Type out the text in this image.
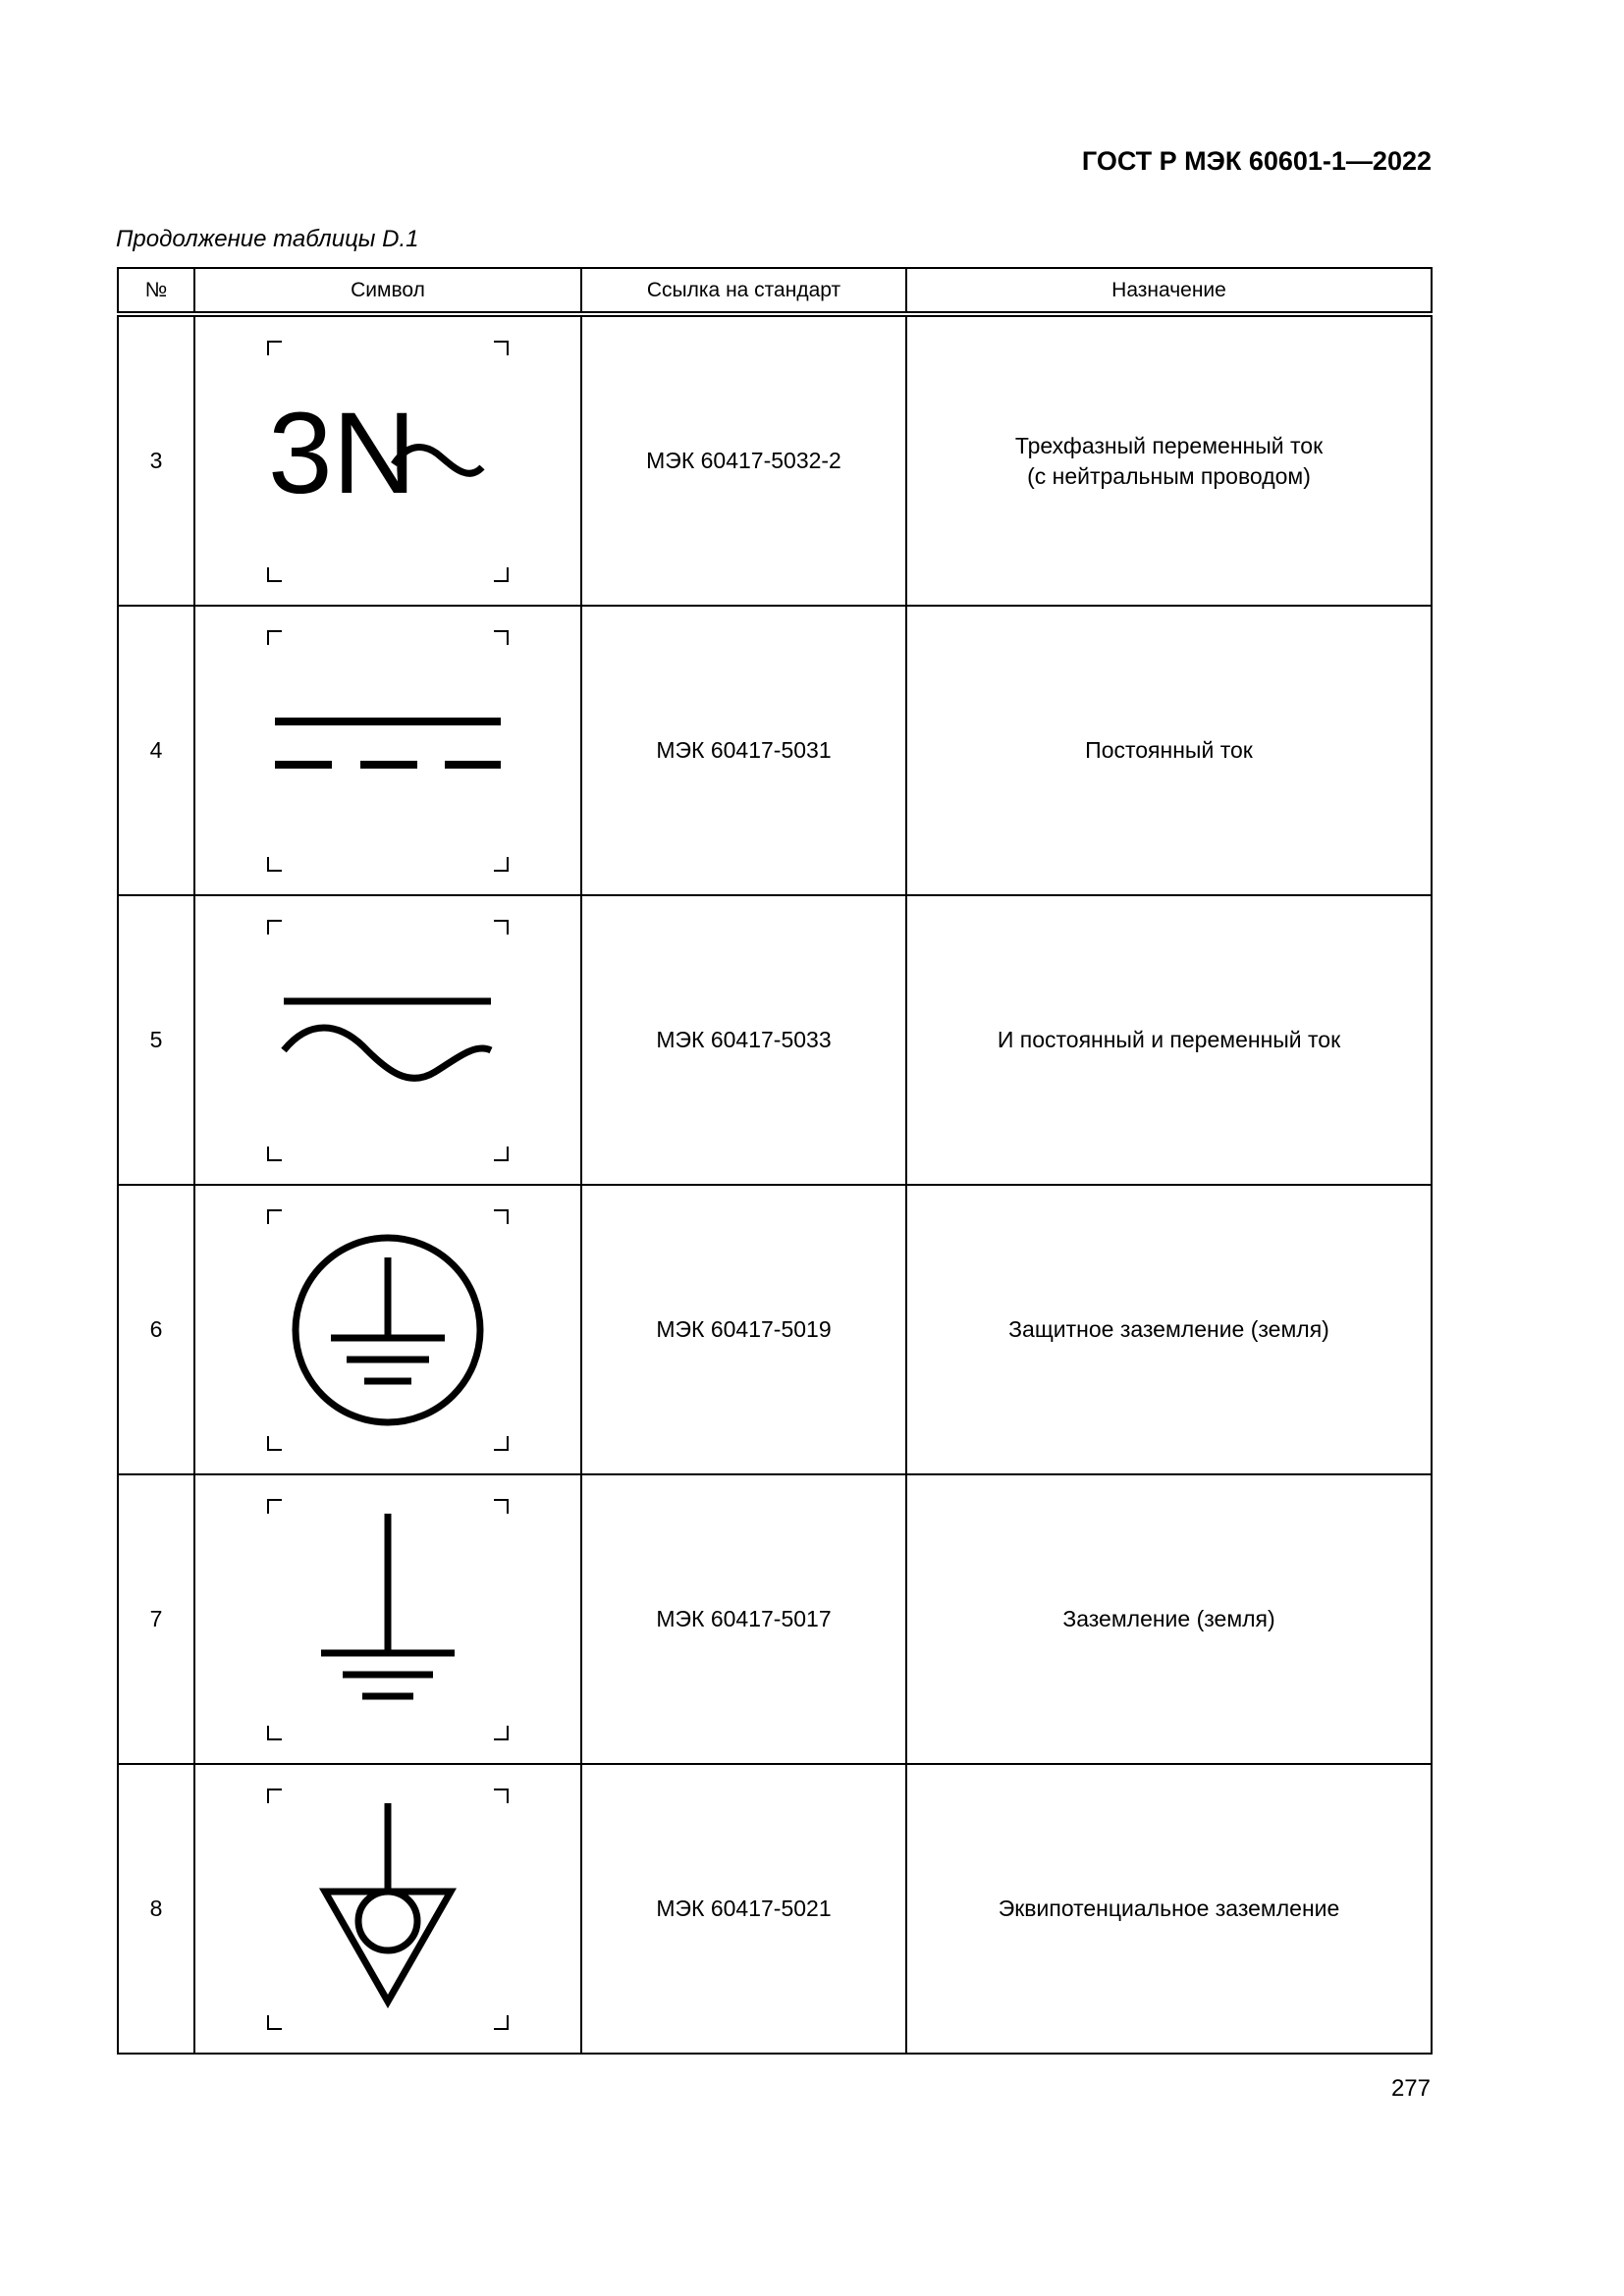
ГОСТ Р МЭК 60601-1—2022
Продолжение таблицы D.1
№	Символ	Ссылка на стандарт	Назначение
3	3N	МЭК 60417-5032-2	Трехфазный переменный ток
(с нейтральным проводом)

4		МЭК 60417-5031	Постоянный ток

5		МЭК 60417-5033	И постоянный и переменный ток

6		МЭК 60417-5019	Защитное заземление (земля)

7		МЭК 60417-5017	Заземление (земля)

8		МЭК 60417-5021	Эквипотенциальное заземление
277
